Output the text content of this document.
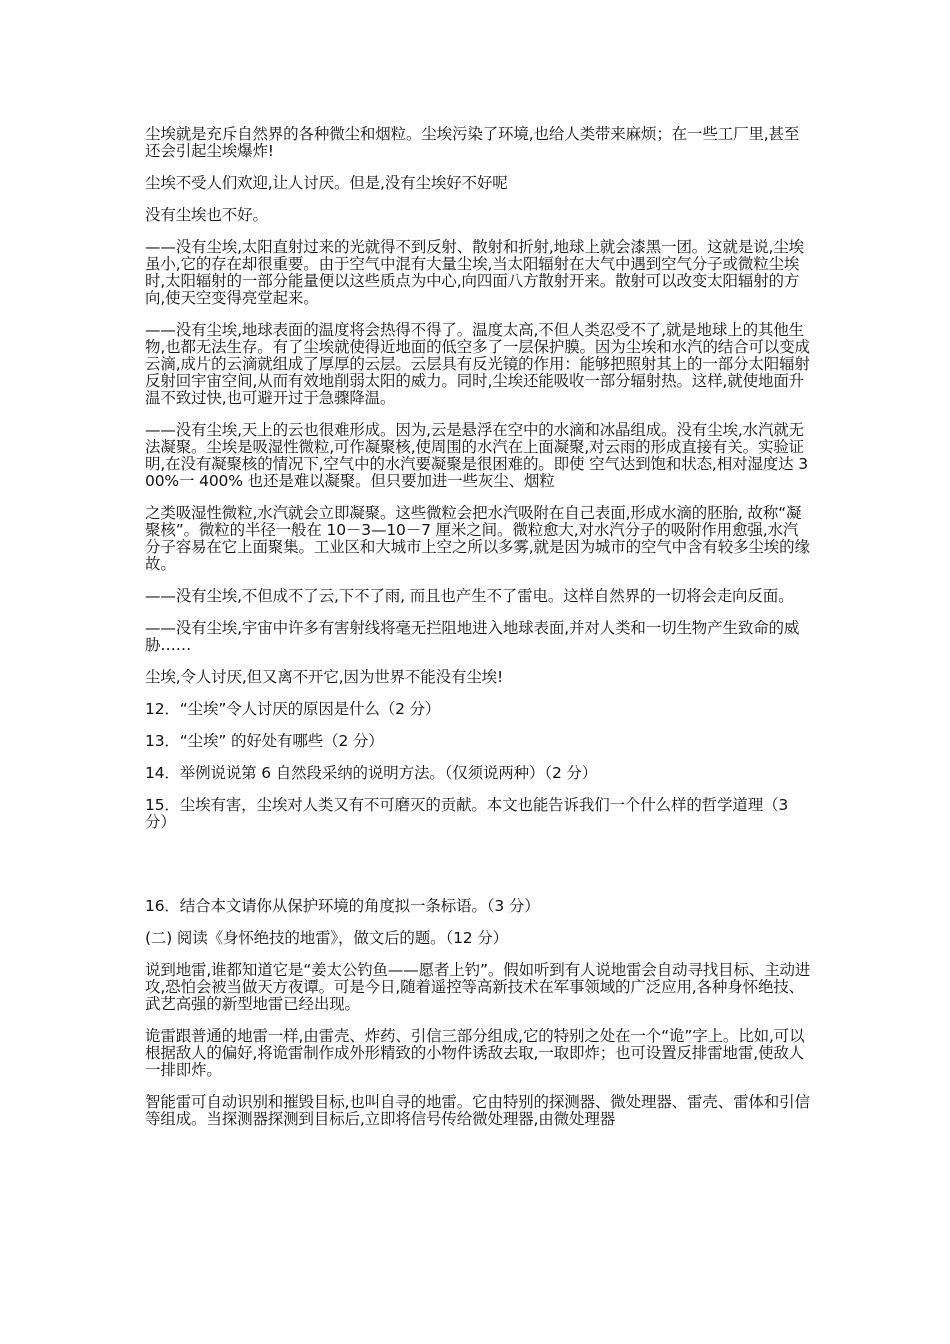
尘埃就是充斥自然界的各种微尘和烟粒。尘埃污染了环境,也给人类带来麻烦；在一些工厂里,甚至还会引起尘埃爆炸!

尘埃不受人们欢迎,让人讨厌。但是,没有尘埃好不好呢

没有尘埃也不好。

——没有尘埃,太阳直射过来的光就得不到反射、散射和折射,地球上就会漆黑一团。这就是说,尘埃虽小,它的存在却很重要。由于空气中混有大量尘埃,当太阳辐射在大气中遇到空气分子或微粒尘埃时,太阳辐射的一部分能量便以这些质点为中心,向四面八方散射开来。散射可以改变太阳辐射的方向,使天空变得亮堂起来。

——没有尘埃,地球表面的温度将会热得不得了。温度太高,不但人类忍受不了,就是地球上的其他生物,也都无法生存。有了尘埃就使得近地面的低空多了一层保护膜。因为尘埃和水汽的结合可以变成云滴,成片的云滴就组成了厚厚的云层。云层具有反光镜的作用：能够把照射其上的一部分太阳辐射反射回宇宙空间,从而有效地削弱太阳的威力。同时,尘埃还能吸收一部分辐射热。这样,就使地面升温不致过快,也可避开过于急骤降温。

——没有尘埃,天上的云也很难形成。因为,云是悬浮在空中的水滴和冰晶组成。没有尘埃,水汽就无法凝聚。尘埃是吸湿性微粒,可作凝聚核,使周围的水汽在上面凝聚,对云雨的形成直接有关。实验证明,在没有凝聚核的情况下,空气中的水汽要凝聚是很困难的。即使 空气达到饱和状态,相对湿度达 300%一 400% 也还是难以凝聚。但只要加进一些灰尘、烟粒

之类吸湿性微粒,水汽就会立即凝聚。这些微粒会把水汽吸附在自己表面,形成水滴的胚胎, 故称“凝聚核”。微粒的半径一般在 10－3—10－7 厘米之间。微粒愈大,对水汽分子的吸附作用愈强,水汽分子容易在它上面聚集。工业区和大城市上空之所以多雾,就是因为城市的空气中含有较多尘埃的缘故。

——没有尘埃,不但成不了云,下不了雨, 而且也产生不了雷电。这样自然界的一切将会走向反面。

——没有尘埃,宇宙中许多有害射线将毫无拦阻地进入地球表面,并对人类和一切生物产生致命的威胁……

尘埃,令人讨厌,但又离不开它,因为世界不能没有尘埃!

12．“尘埃”令人讨厌的原因是什么（2 分）

13．“尘埃” 的好处有哪些（2 分）

14．举例说说第 6 自然段采纳的说明方法。（仅须说两种）（2 分）

15．尘埃有害，尘埃对人类又有不可磨灭的贡献。本文也能告诉我们一个什么样的哲学道理（3 分）

16．结合本文请你从保护环境的角度拟一条标语。（3 分）

(二) 阅读《身怀绝技的地雷》，做文后的题。（12 分）

说到地雷,谁都知道它是“姜太公钓鱼——愿者上钓”。假如听到有人说地雷会自动寻找目标、主动进攻,恐怕会被当做天方夜谭。可是今日,随着遥控等高新技术在军事领域的广泛应用,各种身怀绝技、武艺高强的新型地雷已经出现。

诡雷跟普通的地雷一样,由雷壳、炸药、引信三部分组成,它的特别之处在一个“诡”字上。比如,可以根据敌人的偏好,将诡雷制作成外形精致的小物件诱敌去取,一取即炸；也可设置反排雷地雷,使敌人一排即炸。

智能雷可自动识别和摧毁目标,也叫自寻的地雷。它由特别的探测器、微处理器、雷壳、雷体和引信等组成。当探测器探测到目标后,立即将信号传给微处理器,由微处理器
